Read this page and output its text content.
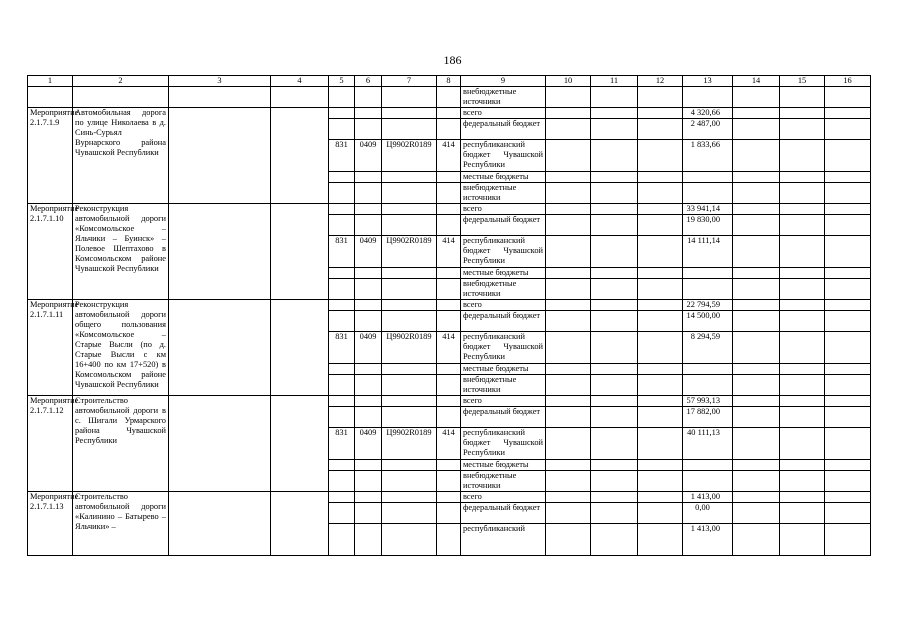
186
1	2	3	4	5	6	7	8	9	10	11	12	13	14	15	16
								внебюджетные источники							
Мероприятие 2.1.7.1.9	Автомобильная дорога по улице Николаева в д. Синь-Сурьял Вурнарского района Чувашской Республики							всего				4 320,66			
								федеральный бюджет				2 487,00			
				831	0409	Ц9902R0189	414	республиканский бюджет Чувашской Республики				1 833,66			
								местные бюджеты							
								внебюджетные источники							
Мероприятие 2.1.7.1.10	Реконструкция автомобильной дороги «Комсомольское – Яльчики – Буинск» – Полевое Шептахово в Комсомольском районе Чувашской Республики							всего				33 941,14			
								федеральный бюджет				19 830,00			
				831	0409	Ц9902R0189	414	республиканский бюджет Чувашской Республики				14 111,14			
								местные бюджеты							
								внебюджетные источники							
Мероприятие 2.1.7.1.11	Реконструкция автомобильной дороги общего пользования «Комсомольское – Старые Высли (по д. Старые Высли с км 16+400 по км 17+520) в Комсомольском районе Чувашской Республики							всего				22 794,59			
								федеральный бюджет				14 500,00			
				831	0409	Ц9902R0189	414	республиканский бюджет Чувашской Республики				8 294,59			
								местные бюджеты							
								внебюджетные источники							
Мероприятие 2.1.7.1.12	Строительство автомобильной дороги в с. Шигали Урмарского района Чувашской Республики							всего				57 993,13			
								федеральный бюджет				17 882,00			
				831	0409	Ц9902R0189	414	республиканский бюджет Чувашской Республики				40 111,13			
								местные бюджеты							
								внебюджетные источники							
Мероприятие 2.1.7.1.13	Строительство автомобильной дороги «Калинино – Батырево – Яльчики» –							всего				1 413,00			
								федеральный бюджет				0,00			
								республиканский				1 413,00			
